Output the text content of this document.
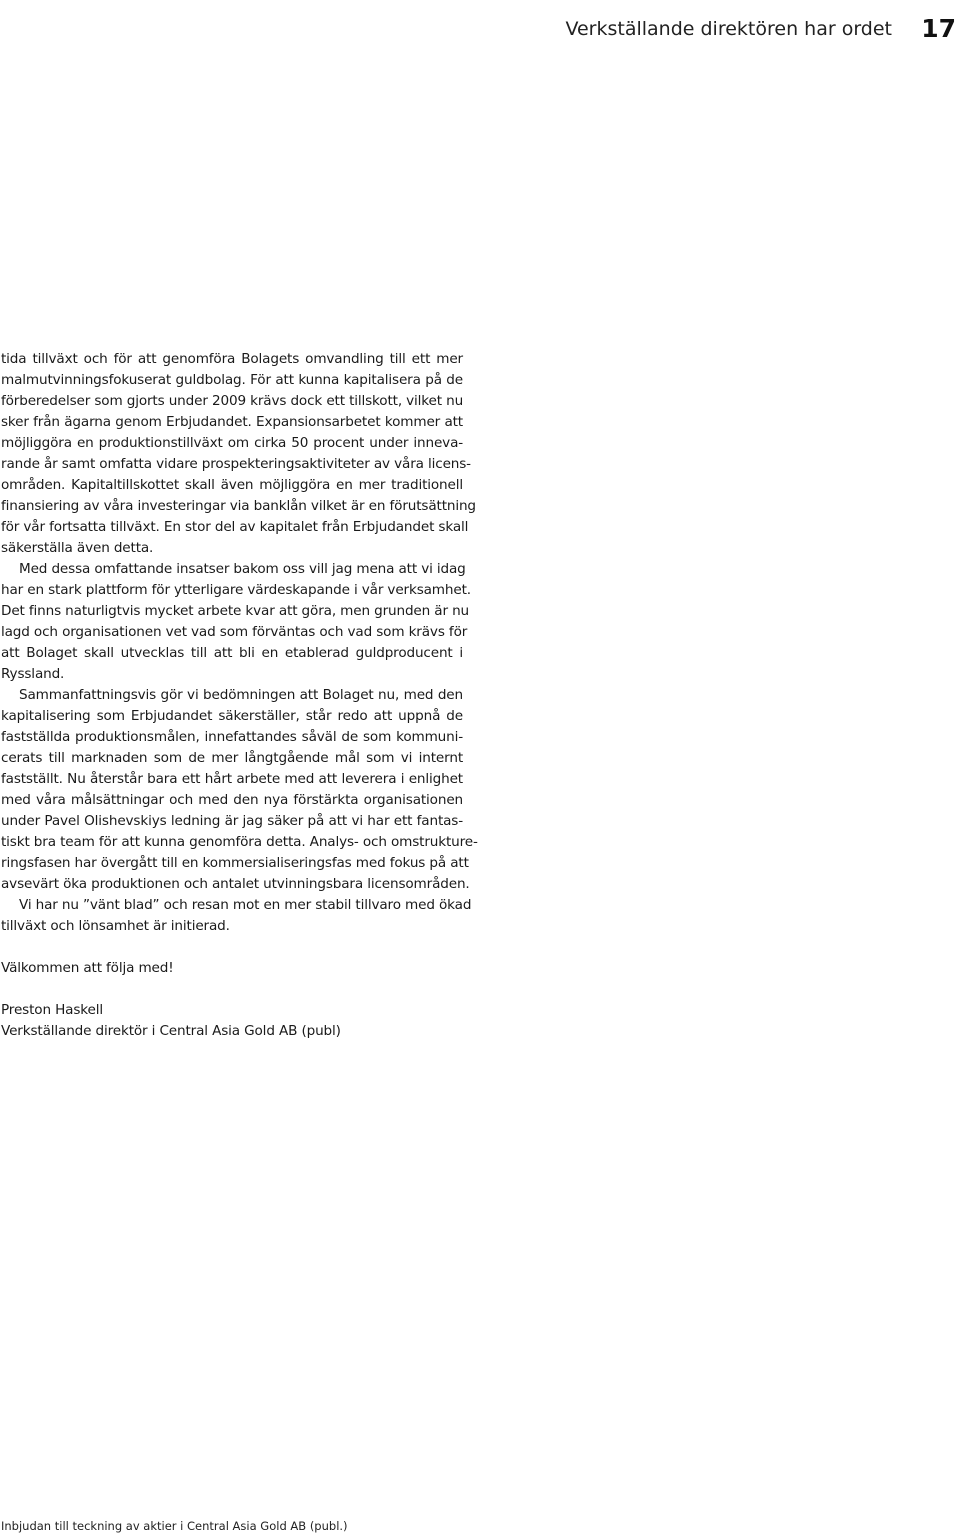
Verkställande direktören har ordet 17
tida tillväxt och för att genomföra Bolagets omvandling till ett mer
malmutvinningsfokuserat guldbolag. För att kunna kapitalisera på de
förberedelser som gjorts under 2009 krävs dock ett tillskott, vilket nu
sker från ägarna genom Erbjudandet. Expansionsarbetet kommer att
möjliggöra en produktionstillväxt om cirka 50 procent under inneva-
rande år samt omfatta vidare prospekteringsaktiviteter av våra licens-
områden. Kapitaltillskottet skall även möjliggöra en mer traditionell
finansiering av våra investeringar via banklån vilket är en förutsättning
för vår fortsatta tillväxt. En stor del av kapitalet från Erbjudandet skall
säkerställa även detta.
Med dessa omfattande insatser bakom oss vill jag mena att vi idag
har en stark plattform för ytterligare värdeskapande i vår verksamhet.
Det finns naturligtvis mycket arbete kvar att göra, men grunden är nu
lagd och organisationen vet vad som förväntas och vad som krävs för
att Bolaget skall utvecklas till att bli en etablerad guldproducent i
Ryssland.
Sammanfattningsvis gör vi bedömningen att Bolaget nu, med den
kapitalisering som Erbjudandet säkerställer, står redo att uppnå de
fastställda produktionsmålen, innefattandes såväl de som kommuni-
cerats till marknaden som de mer långtgående mål som vi internt
fastställt. Nu återstår bara ett hårt arbete med att leverera i enlighet
med våra målsättningar och med den nya förstärkta organisationen
under Pavel Olishevskiys ledning är jag säker på att vi har ett fantas-
tiskt bra team för att kunna genomföra detta. Analys- och omstrukture-
ringsfasen har övergått till en kommersialiseringsfas med fokus på att
avsevärt öka produktionen och antalet utvinningsbara licensområden.
Vi har nu ”vänt blad” och resan mot en mer stabil tillvaro med ökad
tillväxt och lönsamhet är initierad.
Välkommen att följa med!
Preston Haskell
Verkställande direktör i Central Asia Gold AB (publ)
Inbjudan till teckning av aktier i Central Asia Gold AB (publ.)
